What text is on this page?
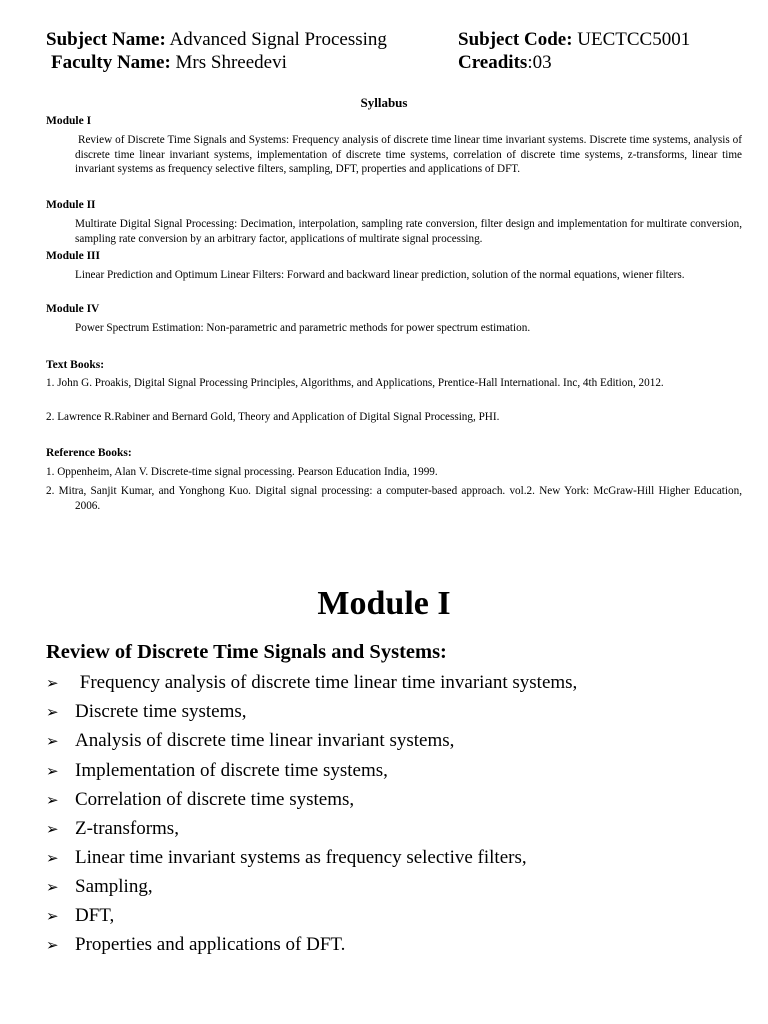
Subject Name: Advanced Signal Processing	Subject Code: UECTCC5001
Faculty Name: Mrs Shreedevi	Creadits:03
Syllabus
Module I
Review of Discrete Time Signals and Systems: Frequency analysis of discrete time linear time invariant systems. Discrete time systems, analysis of discrete time linear invariant systems, implementation of discrete time systems, correlation of discrete time systems, z-transforms, linear time invariant systems as frequency selective filters, sampling, DFT, properties and applications of DFT.
Module II
Multirate Digital Signal Processing: Decimation, interpolation, sampling rate conversion, filter design and implementation for multirate conversion, sampling rate conversion by an arbitrary factor, applications of multirate signal processing.
Module III
Linear Prediction and Optimum Linear Filters: Forward and backward linear prediction, solution of the normal equations, wiener filters.
Module IV
Power Spectrum Estimation: Non-parametric and parametric methods for power spectrum estimation.
Text Books:
1. John G. Proakis, Digital Signal Processing Principles, Algorithms, and Applications, Prentice-Hall International. Inc, 4th Edition, 2012.
2. Lawrence R.Rabiner and Bernard Gold, Theory and Application of Digital Signal Processing, PHI.
Reference Books:
1. Oppenheim, Alan V. Discrete-time signal processing. Pearson Education India, 1999.
2. Mitra, Sanjit Kumar, and Yonghong Kuo. Digital signal processing: a computer-based approach. vol.2. New York: McGraw-Hill Higher Education, 2006.
Module I
Review of Discrete Time Signals and Systems:
➢ Frequency analysis of discrete time linear time invariant systems,
➢ Discrete time systems,
➢ Analysis of discrete time linear invariant systems,
➢ Implementation of discrete time systems,
➢ Correlation of discrete time systems,
➢ Z-transforms,
➢ Linear time invariant systems as frequency selective filters,
➢ Sampling,
➢ DFT,
➢ Properties and applications of DFT.
